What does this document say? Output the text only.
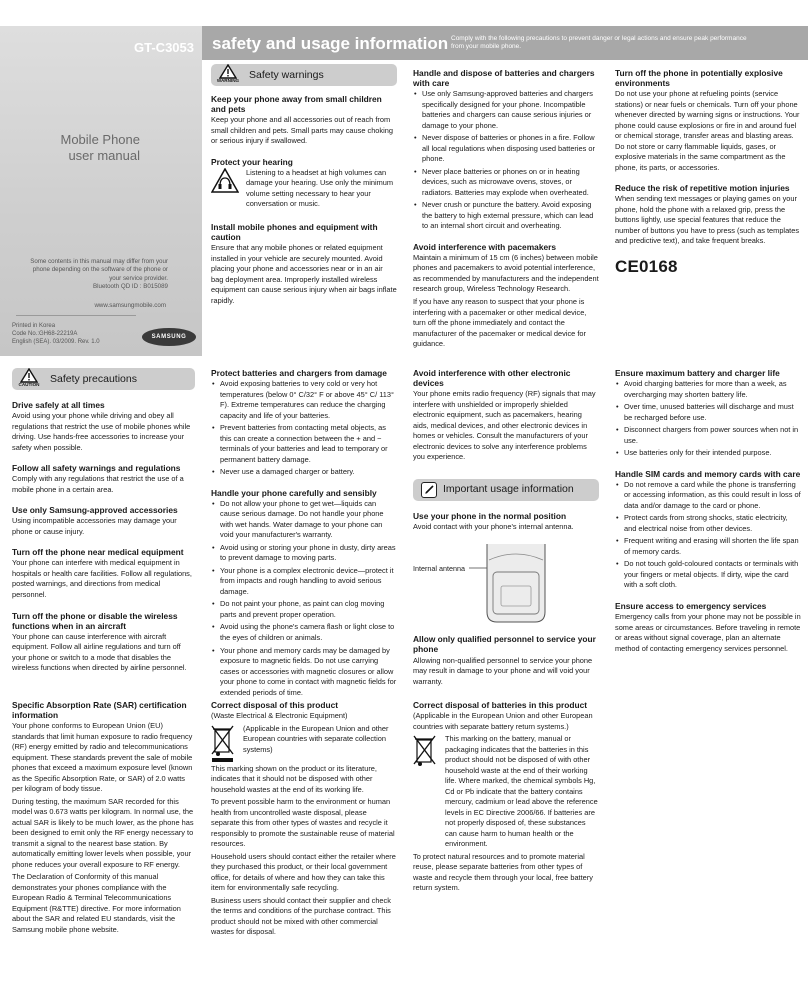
GT-C3053
Mobile Phone
user manual
Some contents in this manual may differ from your
phone depending on the software of the phone or
your service provider.
Bluetooth QD ID : B015089
www.samsungmobile.com
Printed in Korea
Code No.:GH68-22219A
English (SEA). 03/2009. Rev. 1.0
SAMSUNG
safety and usage information Comply with the following precautions to prevent danger or legal actions and ensure peak performance from your mobile phone.
WARNING Safety warnings
Keep your phone away from small children and pets

Keep your phone and all accessories out of reach from small children and pets. Small parts may cause choking or serious injury if swallowed.

Protect your hearing

Listening to a headset at high volumes can damage your hearing. Use only the minimum volume setting necessary to hear your conversation or music.

Install mobile phones and equipment with caution

Ensure that any mobile phones or related equipment installed in your vehicle are securely mounted. Avoid placing your phone and accessories near or in an air bag deployment area. Improperly installed wireless equipment can cause serious injury when air bags inflate rapidly.

Handle and dispose of batteries and chargers with care
• Use only Samsung-approved batteries and chargers specifically designed for your phone. Incompatible batteries and chargers can cause serious injuries or damage to your phone.
• Never dispose of batteries or phones in a fire. Follow all local regulations when disposing used batteries or phone.
• Never place batteries or phones on or in heating devices, such as microwave ovens, stoves, or radiators. Batteries may explode when overheated.
• Never crush or puncture the battery. Avoid exposing the battery to high external pressure, which can lead to an internal short circuit and overheating.
Avoid interference with pacemakers

Maintain a minimum of 15 cm (6 inches) between mobile phones and pacemakers to avoid potential interference, as recommended by manufacturers and the independent research group, Wireless Technology Research.

If you have any reason to suspect that your phone is interfering with a pacemaker or other medical device, turn off the phone immediately and contact the manufacturer of the pacemaker or medical device for guidance.

Turn off the phone in potentially explosive environments

Do not use your phone at refueling points (service stations) or near fuels or chemicals. Turn off your phone whenever directed by warning signs or instructions. Your phone could cause explosions or fire in and around fuel or chemical storage, transfer areas and blasting areas. Do not store or carry flammable liquids, gases, or explosive materials in the same compartment as the phone, its parts, or accessories.

Reduce the risk of repetitive motion injuries

When sending text messages or playing games on your phone, hold the phone with a relaxed grip, press the buttons lightly, use special features that reduce the number of buttons you have to press (such as templates and predictive text), and take frequent breaks.

CE0168
CAUTION Safety precautions
Drive safely at all times

Avoid using your phone while driving and obey all regulations that restrict the use of mobile phones while driving. Use hands-free accessories to increase your safety when possible.

Follow all safety warnings and regulations

Comply with any regulations that restrict the use of a mobile phone in a certain area.

Use only Samsung-approved accessories

Using incompatible accessories may damage your phone or cause injury.

Turn off the phone near medical equipment

Your phone can interfere with medical equipment in hospitals or health care facilities. Follow all regulations, posted warnings, and directions from medical personnel.

Turn off the phone or disable the wireless functions when in an aircraft

Your phone can cause interference with aircraft equipment. Follow all airline regulations and turn off your phone or switch to a mode that disables the wireless functions when directed by airline personnel.

Protect batteries and chargers from damage
• Avoid exposing batteries to very cold or very hot temperatures (below 0° C/32° F or above 45° C/ 113° F). Extreme temperatures can reduce the charging capacity and life of your batteries.
• Prevent batteries from contacting metal objects, as this can create a connection between the + and − terminals of your batteries and lead to temporary or permanent battery damage.
• Never use a damaged charger or battery.
Handle your phone carefully and sensibly
• Do not allow your phone to get wet—liquids can cause serious damage. Do not handle your phone with wet hands. Water damage to your phone can void your manufacturer's warranty.
• Avoid using or storing your phone in dusty, dirty areas to prevent damage to moving parts.
• Your phone is a complex electronic device—protect it from impacts and rough handling to avoid serious damage.
• Do not paint your phone, as paint can clog moving parts and prevent proper operation.
• Avoid using the phone's camera flash or light close to the eyes of children or animals.
• Your phone and memory cards may be damaged by exposure to magnetic fields. Do not use carrying cases or accessories with magnetic closures or allow your phone to come in contact with magnetic fields for extended periods of time.
Avoid interference with other electronic devices

Your phone emits radio frequency (RF) signals that may interfere with unshielded or improperly shielded electronic equipment, such as pacemakers, hearing aids, medical devices, and other electronic devices in homes or vehicles. Consult the manufacturers of your electronic devices to solve any interference problems you experience.

Important usage information
Use your phone in the normal position

Avoid contact with your phone's internal antenna.

Internal antenna
Allow only qualified personnel to service your phone

Allowing non-qualified personnel to service your phone may result in damage to your phone and will void your warranty.

Ensure maximum battery and charger life
• Avoid charging batteries for more than a week, as overcharging may shorten battery life.
• Over time, unused batteries will discharge and must be recharged before use.
• Disconnect chargers from power sources when not in use.
• Use batteries only for their intended purpose.
Handle SIM cards and memory cards with care
• Do not remove a card while the phone is transferring or accessing information, as this could result in loss of data and/or damage to the card or phone.
• Protect cards from strong shocks, static electricity, and electrical noise from other devices.
• Frequent writing and erasing will shorten the life span of memory cards.
• Do not touch gold-coloured contacts or terminals with your fingers or metal objects. If dirty, wipe the card with a soft cloth.
Ensure access to emergency services

Emergency calls from your phone may not be possible in some areas or circumstances. Before traveling in remote or areas without signal coverage, plan an alternate method of contacting emergency services personnel.

Specific Absorption Rate (SAR) certification information

Your phone conforms to European Union (EU) standards that limit human exposure to radio frequency (RF) energy emitted by radio and telecommunications equipment. These standards prevent the sale of mobile phones that exceed a maximum exposure level (known as the Specific Absorption Rate, or SAR) of 2.0 watts per kilogram of body tissue.

During testing, the maximum SAR recorded for this model was 0.673 watts per kilogram. In normal use, the actual SAR is likely to be much lower, as the phone has been designed to emit only the RF energy necessary to transmit a signal to the nearest base station. By automatically emitting lower levels when possible, your phone reduces your overall exposure to RF energy.

The Declaration of Conformity of this manual demonstrates your phones compliance with the European Radio & Terminal Telecommunications Equipment (R&TTE) directive. For more information about the SAR and related EU standards, visit the Samsung mobile phone website.

Correct disposal of this product

(Waste Electrical & Electronic Equipment)

(Applicable in the European Union and other European countries with separate collection systems)

This marking shown on the product or its literature, indicates that it should not be disposed with other household wastes at the end of its working life.

To prevent possible harm to the environment or human health from uncontrolled waste disposal, please separate this from other types of wastes and recycle it responsibly to promote the sustainable reuse of material resources.

Household users should contact either the retailer where they purchased this product, or their local government office, for details of where and how they can take this item for environmentally safe recycling.

Business users should contact their supplier and check the terms and conditions of the purchase contract. This product should not be mixed with other commercial wastes for disposal.

Correct disposal of batteries in this product

(Applicable in the European Union and other European countries with separate battery return systems.)

This marking on the battery, manual or packaging indicates that the batteries in this product should not be disposed of with other household waste at the end of their working life. Where marked, the chemical symbols Hg, Cd or Pb indicate that the battery contains mercury, cadmium or lead above the reference levels in EC Directive 2006/66. If batteries are not properly disposed of, these substances can cause harm to human health or the environment.

To protect natural resources and to promote material reuse, please separate batteries from other types of waste and recycle them through your local, free battery return system.
